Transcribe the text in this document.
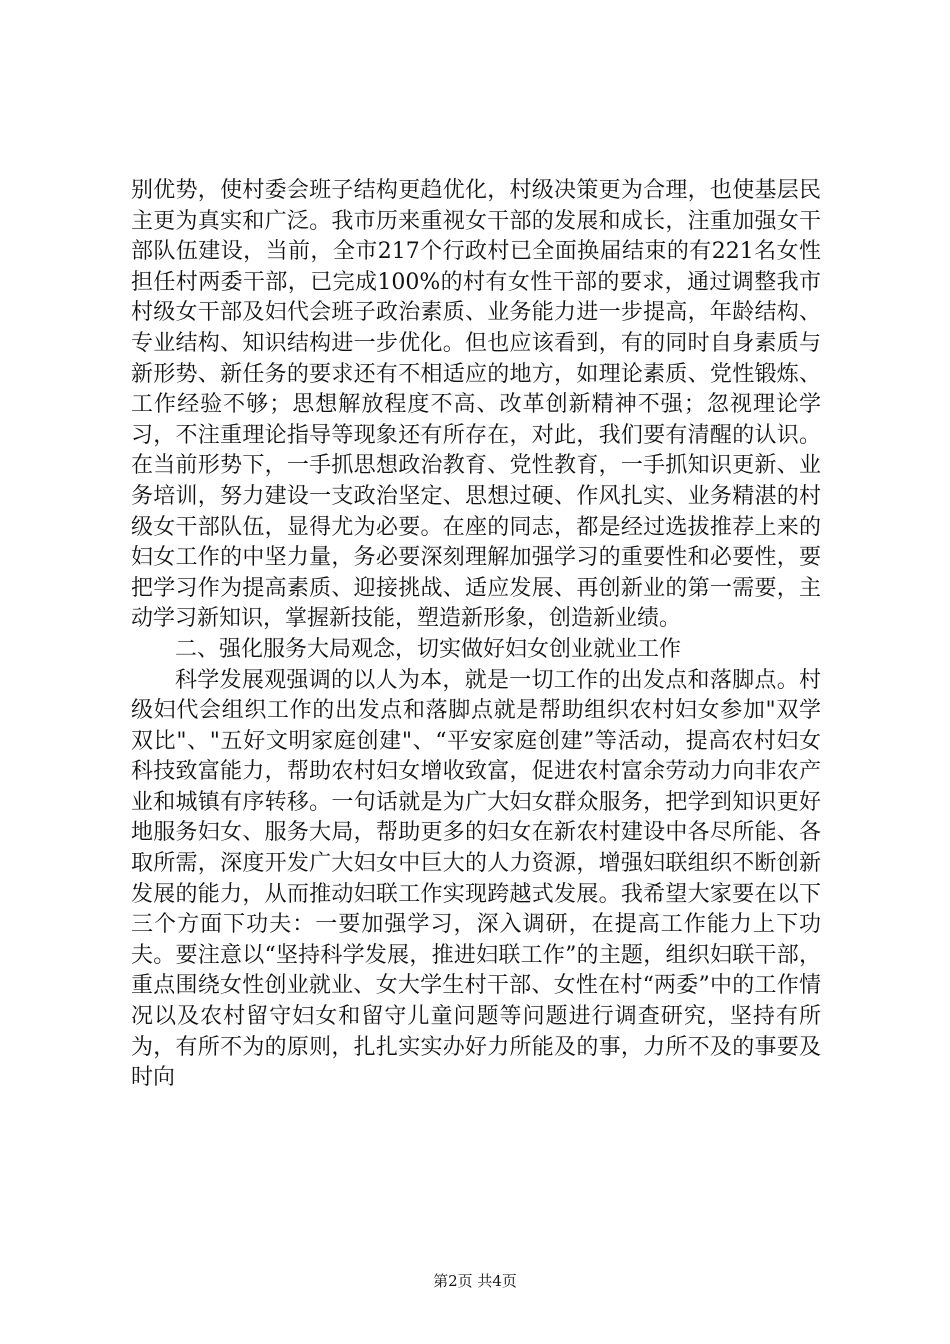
别优势，使村委会班子结构更趋优化，村级决策更为合理，也使基层民主更为真实和广泛。我市历来重视女干部的发展和成长，注重加强女干部队伍建设，当前，全市217个行政村已全面换届结束的有221名女性担任村两委干部，已完成100%的村有女性干部的要求，通过调整我市村级女干部及妇代会班子政治素质、业务能力进一步提高，年龄结构、专业结构、知识结构进一步优化。但也应该看到，有的同时自身素质与新形势、新任务的要求还有不相适应的地方，如理论素质、党性锻炼、工作经验不够；思想解放程度不高、改革创新精神不强；忽视理论学习，不注重理论指导等现象还有所存在，对此，我们要有清醒的认识。在当前形势下，一手抓思想政治教育、党性教育，一手抓知识更新、业务培训，努力建设一支政治坚定、思想过硬、作风扎实、业务精湛的村级女干部队伍，显得尤为必要。在座的同志，都是经过选拔推荐上来的妇女工作的中坚力量，务必要深刻理解加强学习的重要性和必要性，要把学习作为提高素质、迎接挑战、适应发展、再创新业的第一需要，主动学习新知识，掌握新技能，塑造新形象，创造新业绩。

二、强化服务大局观念，切实做好妇女创业就业工作

科学发展观强调的以人为本，就是一切工作的出发点和落脚点。村级妇代会组织工作的出发点和落脚点就是帮助组织农村妇女参加"双学双比"、"五好文明家庭创建"、“平安家庭创建”等活动，提高农村妇女科技致富能力，帮助农村妇女增收致富，促进农村富余劳动力向非农产业和城镇有序转移。一句话就是为广大妇女群众服务，把学到知识更好地服务妇女、服务大局，帮助更多的妇女在新农村建设中各尽所能、各取所需，深度开发广大妇女中巨大的人力资源，增强妇联组织不断创新发展的能力，从而推动妇联工作实现跨越式发展。我希望大家要在以下三个方面下功夫：一要加强学习，深入调研，在提高工作能力上下功夫。要注意以“坚持科学发展，推进妇联工作”的主题，组织妇联干部，重点围绕女性创业就业、女大学生村干部、女性在村“两委”中的工作情况以及农村留守妇女和留守儿童问题等问题进行调查研究，坚持有所为，有所不为的原则，扎扎实实办好力所能及的事，力所不及的事要及时向

第2页 共4页
